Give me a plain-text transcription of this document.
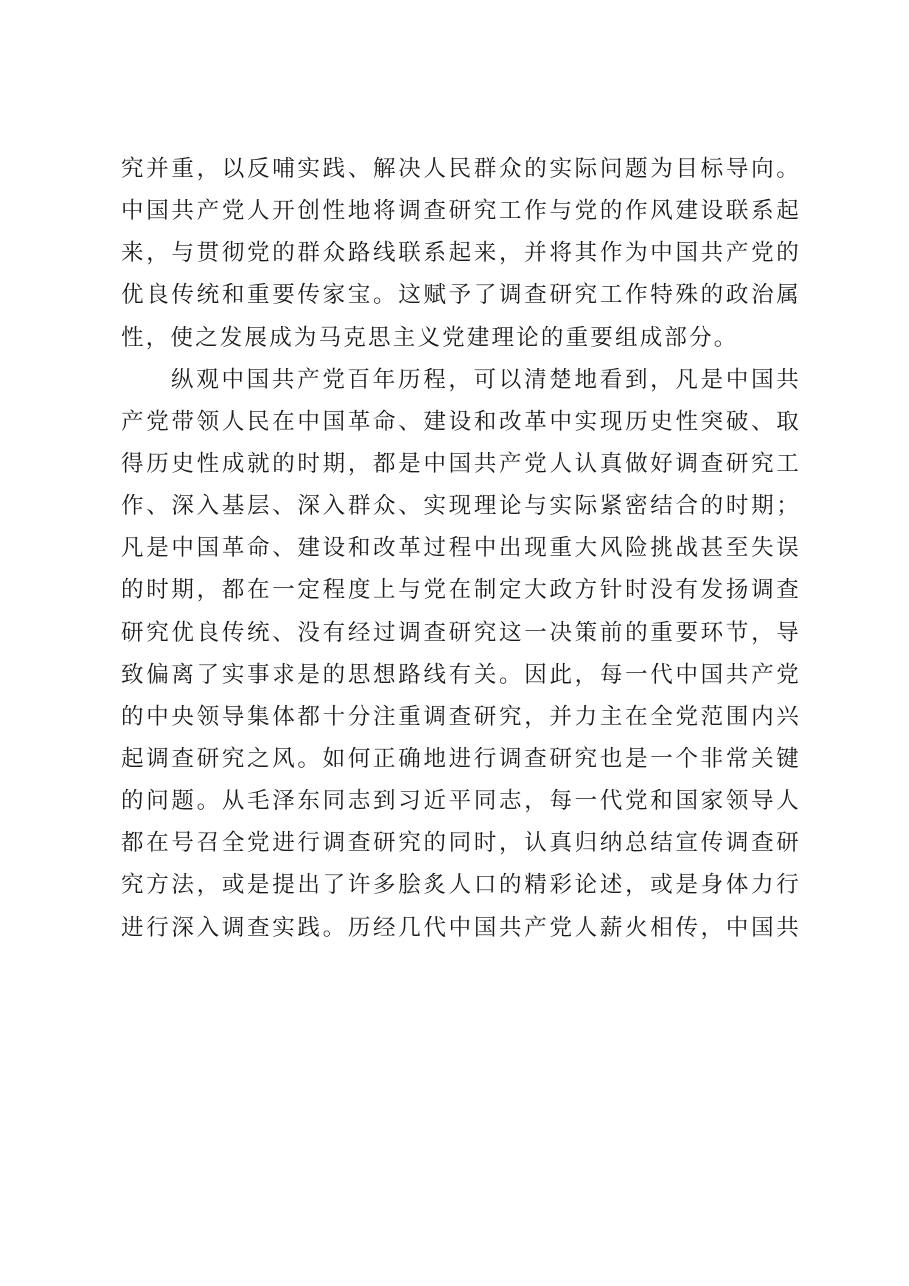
究并重，以反哺实践、解决人民群众的实际问题为目标导向。
中国共产党人开创性地将调查研究工作与党的作风建设联系起
来，与贯彻党的群众路线联系起来，并将其作为中国共产党的
优良传统和重要传家宝。这赋予了调查研究工作特殊的政治属
性，使之发展成为马克思主义党建理论的重要组成部分。
纵观中国共产党百年历程，可以清楚地看到，凡是中国共
产党带领人民在中国革命、建设和改革中实现历史性突破、取
得历史性成就的时期，都是中国共产党人认真做好调查研究工
作、深入基层、深入群众、实现理论与实际紧密结合的时期；
凡是中国革命、建设和改革过程中出现重大风险挑战甚至失误
的时期，都在一定程度上与党在制定大政方针时没有发扬调查
研究优良传统、没有经过调查研究这一决策前的重要环节，导
致偏离了实事求是的思想路线有关。因此，每一代中国共产党
的中央领导集体都十分注重调查研究，并力主在全党范围内兴
起调查研究之风。如何正确地进行调查研究也是一个非常关键
的问题。从毛泽东同志到习近平同志，每一代党和国家领导人
都在号召全党进行调查研究的同时，认真归纳总结宣传调查研
究方法，或是提出了许多脍炙人口的精彩论述，或是身体力行
进行深入调查实践。历经几代中国共产党人薪火相传，中国共
